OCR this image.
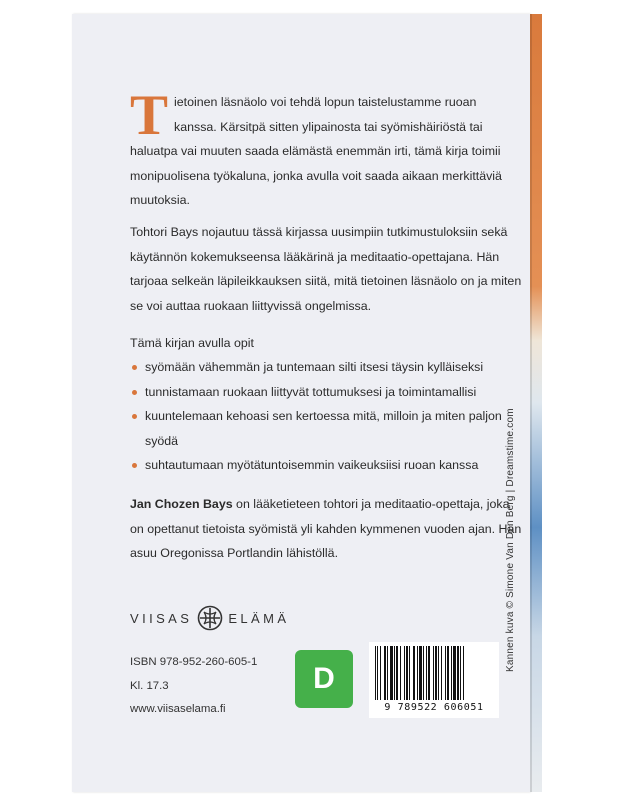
Tietoinen läsnäolo voi tehdä lopun taistelustamme ruoan kanssa. Kärsitpä sitten ylipainosta tai syömishäiriöstä tai haluatpa vai muuten saada elämästä enemmän irti, tämä kirja toimii monipuolisena työkaluna, jonka avulla voit saada aikaan merkittäviä muutoksia.

Tohtori Bays nojautuu tässä kirjassa uusimpiin tutkimustuloksiin sekä käytännön kokemukseensa lääkärinä ja meditaatio-opettajana. Hän tarjoaa selkeän läpileikkauksen siitä, mitä tietoinen läsnäolo on ja miten se voi auttaa ruokaan liittyvissä ongelmissa.

Tämä kirjan avulla opit

syömään vähemmän ja tuntemaan silti itsesi täysin kylläiseksi
tunnistamaan ruokaan liittyvät tottumuksesi ja toimintamallisi
kuuntelemaan kehoasi sen kertoessa mitä, milloin ja miten paljon syödä
suhtautumaan myötätuntoisemmin vaikeuksiisi ruoan kanssa

Jan Chozen Bays on lääketieteen tohtori ja meditaatio-opettaja, joka on opettanut tietoista syömistä yli kahden kymmenen vuoden ajan. Hän asuu Oregonissa Portlandin lähistöllä.	Kannen kuva © Simone Van Den Berg | Dreamstime.com
VIISAS	ELÄMÄ
ISBN 978-952-260-605-1
Kl. 17.3
www.viisaselama.fi
D
9 789522 606051
